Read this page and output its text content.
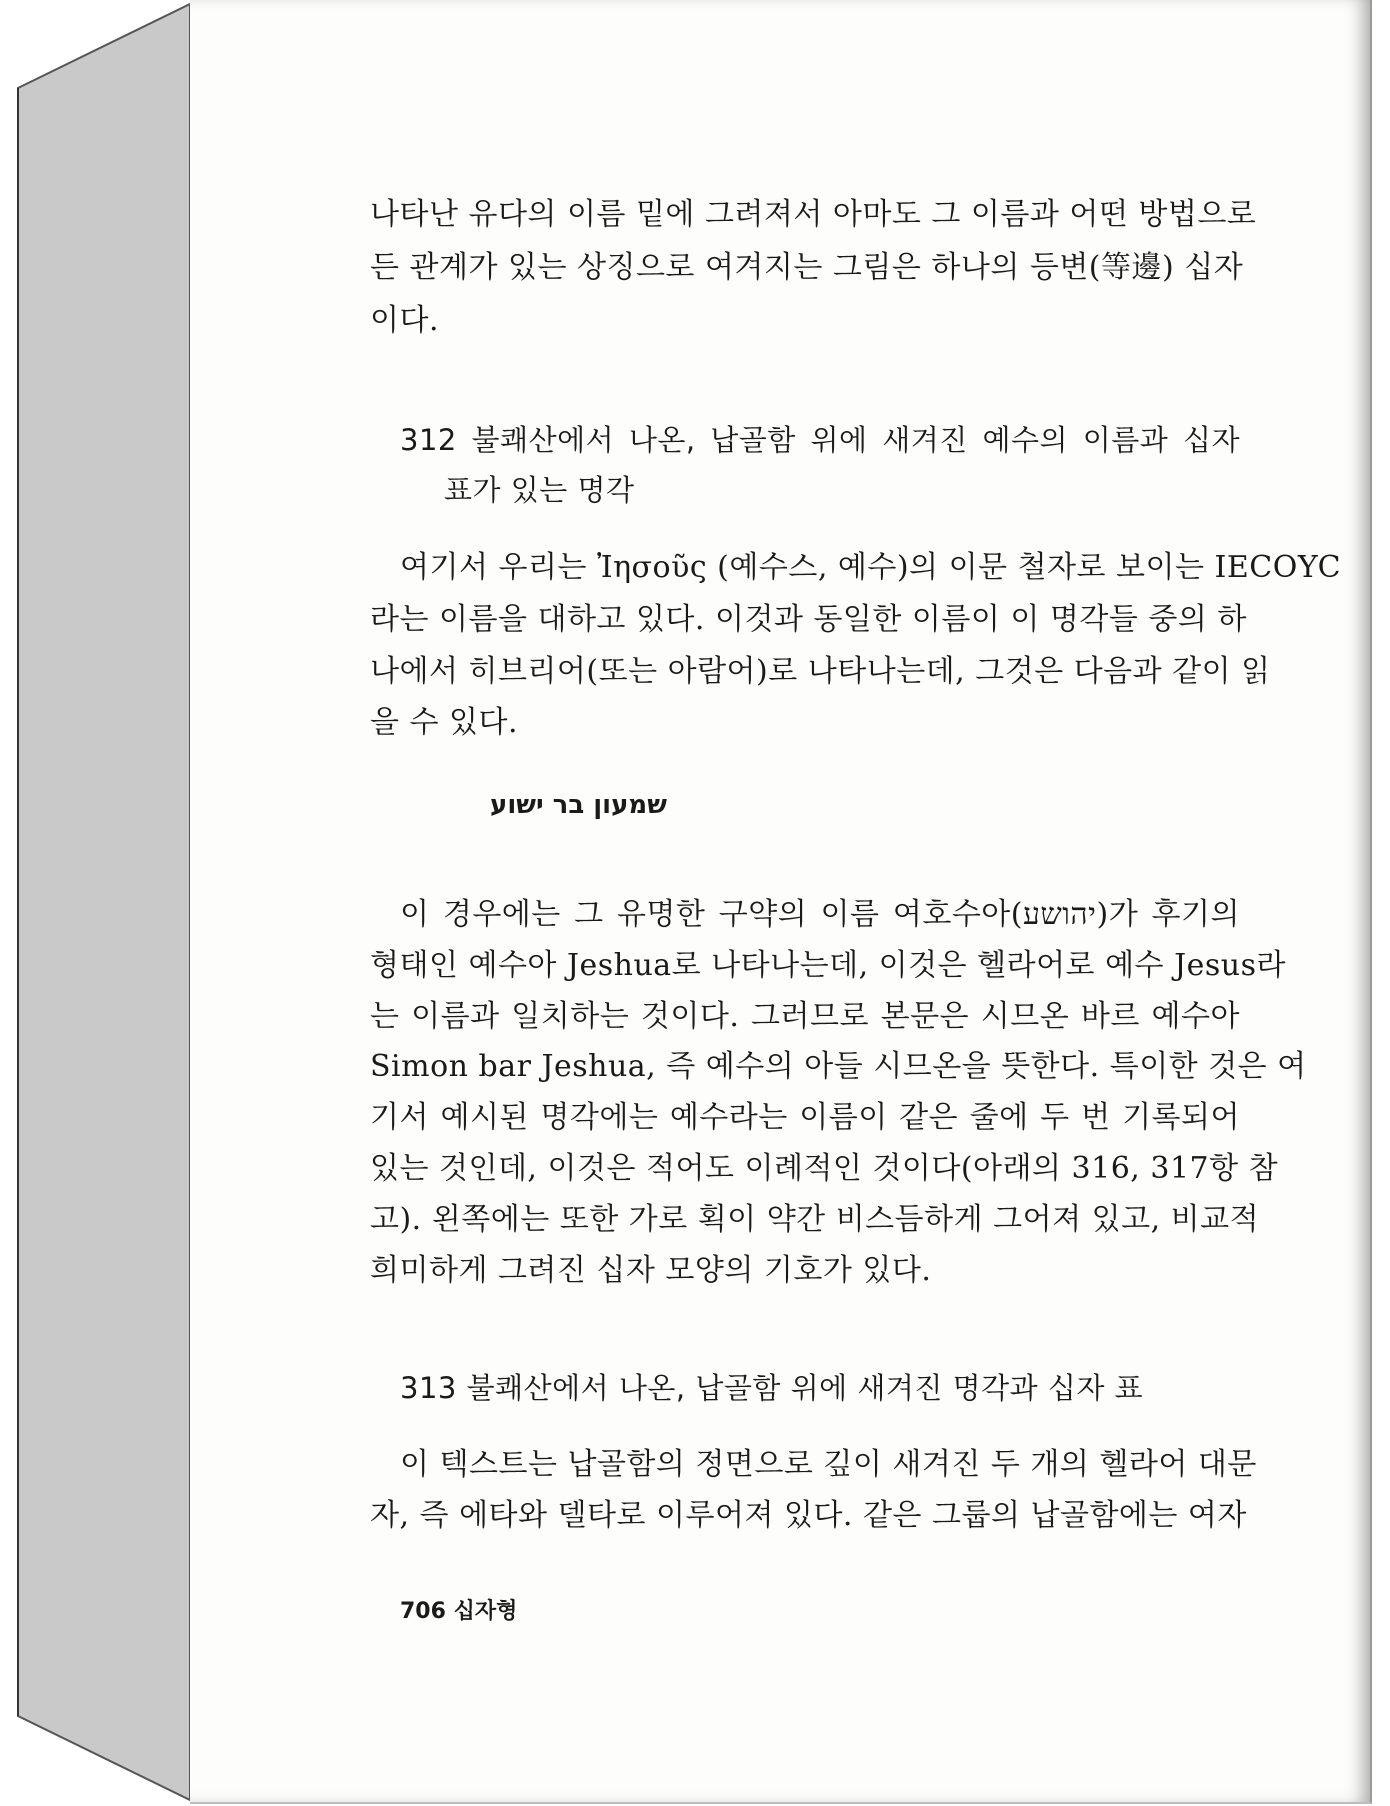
나타난 유다의 이름 밑에 그려져서 아마도 그 이름과 어떤 방법으로
든 관계가 있는 상징으로 여겨지는 그림은 하나의 등변(等邊) 십자
이다.
312 불쾌산에서 나온, 납골함 위에 새겨진 예수의 이름과 십자
표가 있는 명각
여기서 우리는 Ἰησοῦς (예수스, 예수)의 이문 철자로 보이는 IECOYC
라는 이름을 대하고 있다. 이것과 동일한 이름이 이 명각들 중의 하
나에서 히브리어(또는 아람어)로 나타나는데, 그것은 다음과 같이 읽
을 수 있다.
שמעון בר ישוע
이 경우에는 그 유명한 구약의 이름 여호수아(יהושע)가 후기의
형태인 예수아 Jeshua로 나타나는데, 이것은 헬라어로 예수 Jesus라
는 이름과 일치하는 것이다. 그러므로 본문은 시므온 바르 예수아
Simon bar Jeshua, 즉 예수의 아들 시므온을 뜻한다. 특이한 것은 여
기서 예시된 명각에는 예수라는 이름이 같은 줄에 두 번 기록되어
있는 것인데, 이것은 적어도 이례적인 것이다(아래의 316, 317항 참
고). 왼쪽에는 또한 가로 획이 약간 비스듬하게 그어져 있고, 비교적
희미하게 그려진 십자 모양의 기호가 있다.
313 불쾌산에서 나온, 납골함 위에 새겨진 명각과 십자 표
이 텍스트는 납골함의 정면으로 깊이 새겨진 두 개의 헬라어 대문
자, 즉 에타와 델타로 이루어져 있다. 같은 그룹의 납골함에는 여자
706 십자형
